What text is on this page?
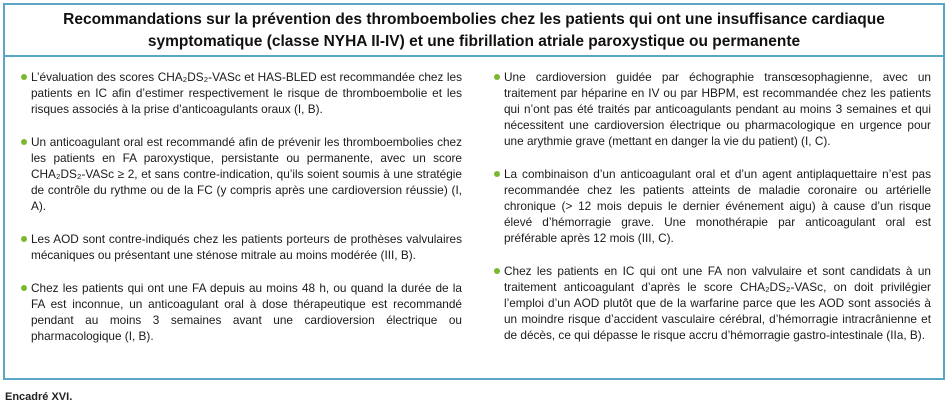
Recommandations sur la prévention des thromboembolies chez les patients qui ont une insuffisance cardiaque
symptomatique (classe NYHA II-IV) et une fibrillation atriale paroxystique ou permanente
L’évaluation des scores CHA₂DS₂-VASc et HAS-BLED est recommandée chez les patients en IC afin d’estimer respectivement le risque de thromboembolie et les risques associés à la prise d’anticoagulants oraux (I, B).
Un anticoagulant oral est recommandé afin de prévenir les thromboembolies chez les patients en FA paroxystique, persistante ou permanente, avec un score CHA₂DS₂-VASc ≥ 2, et sans contre-indication, qu’ils soient soumis à une stratégie de contrôle du rythme ou de la FC (y compris après une cardioversion réussie) (I, A).
Les AOD sont contre-indiqués chez les patients porteurs de prothèses valvulaires mécaniques ou présentant une sténose mitrale au moins modérée (III, B).
Chez les patients qui ont une FA depuis au moins 48 h, ou quand la durée de la FA est inconnue, un anticoagulant oral à dose thérapeutique est recommandé pendant au moins 3 semaines avant une cardioversion électrique ou pharmacologique (I, B).
Une cardioversion guidée par échographie transœsophagienne, avec un traitement par héparine en IV ou par HBPM, est recommandée chez les patients qui n’ont pas été traités par anticoagulants pendant au moins 3 semaines et qui nécessitent une cardioversion électrique ou pharmacologique en urgence pour une arythmie grave (mettant en danger la vie du patient) (I, C).
La combinaison d’un anticoagulant oral et d’un agent antiplaquettaire n’est pas recommandée chez les patients atteints de maladie coronaire ou artérielle chronique (> 12 mois depuis le dernier événement aigu) à cause d’un risque élevé d’hémorragie grave. Une monothérapie par anticoagulant oral est préférable après 12 mois (III, C).
Chez les patients en IC qui ont une FA non valvulaire et sont candidats à un traitement anticoagulant d’après le score CHA₂DS₂-VASc, on doit privilégier l’emploi d’un AOD plutôt que de la warfarine parce que les AOD sont associés à un moindre risque d’accident vasculaire cérébral, d’hémorragie intracrânienne et de décès, ce qui dépasse le risque accru d’hémorragie gastro-intestinale (IIa, B).
Encadré XVI.
